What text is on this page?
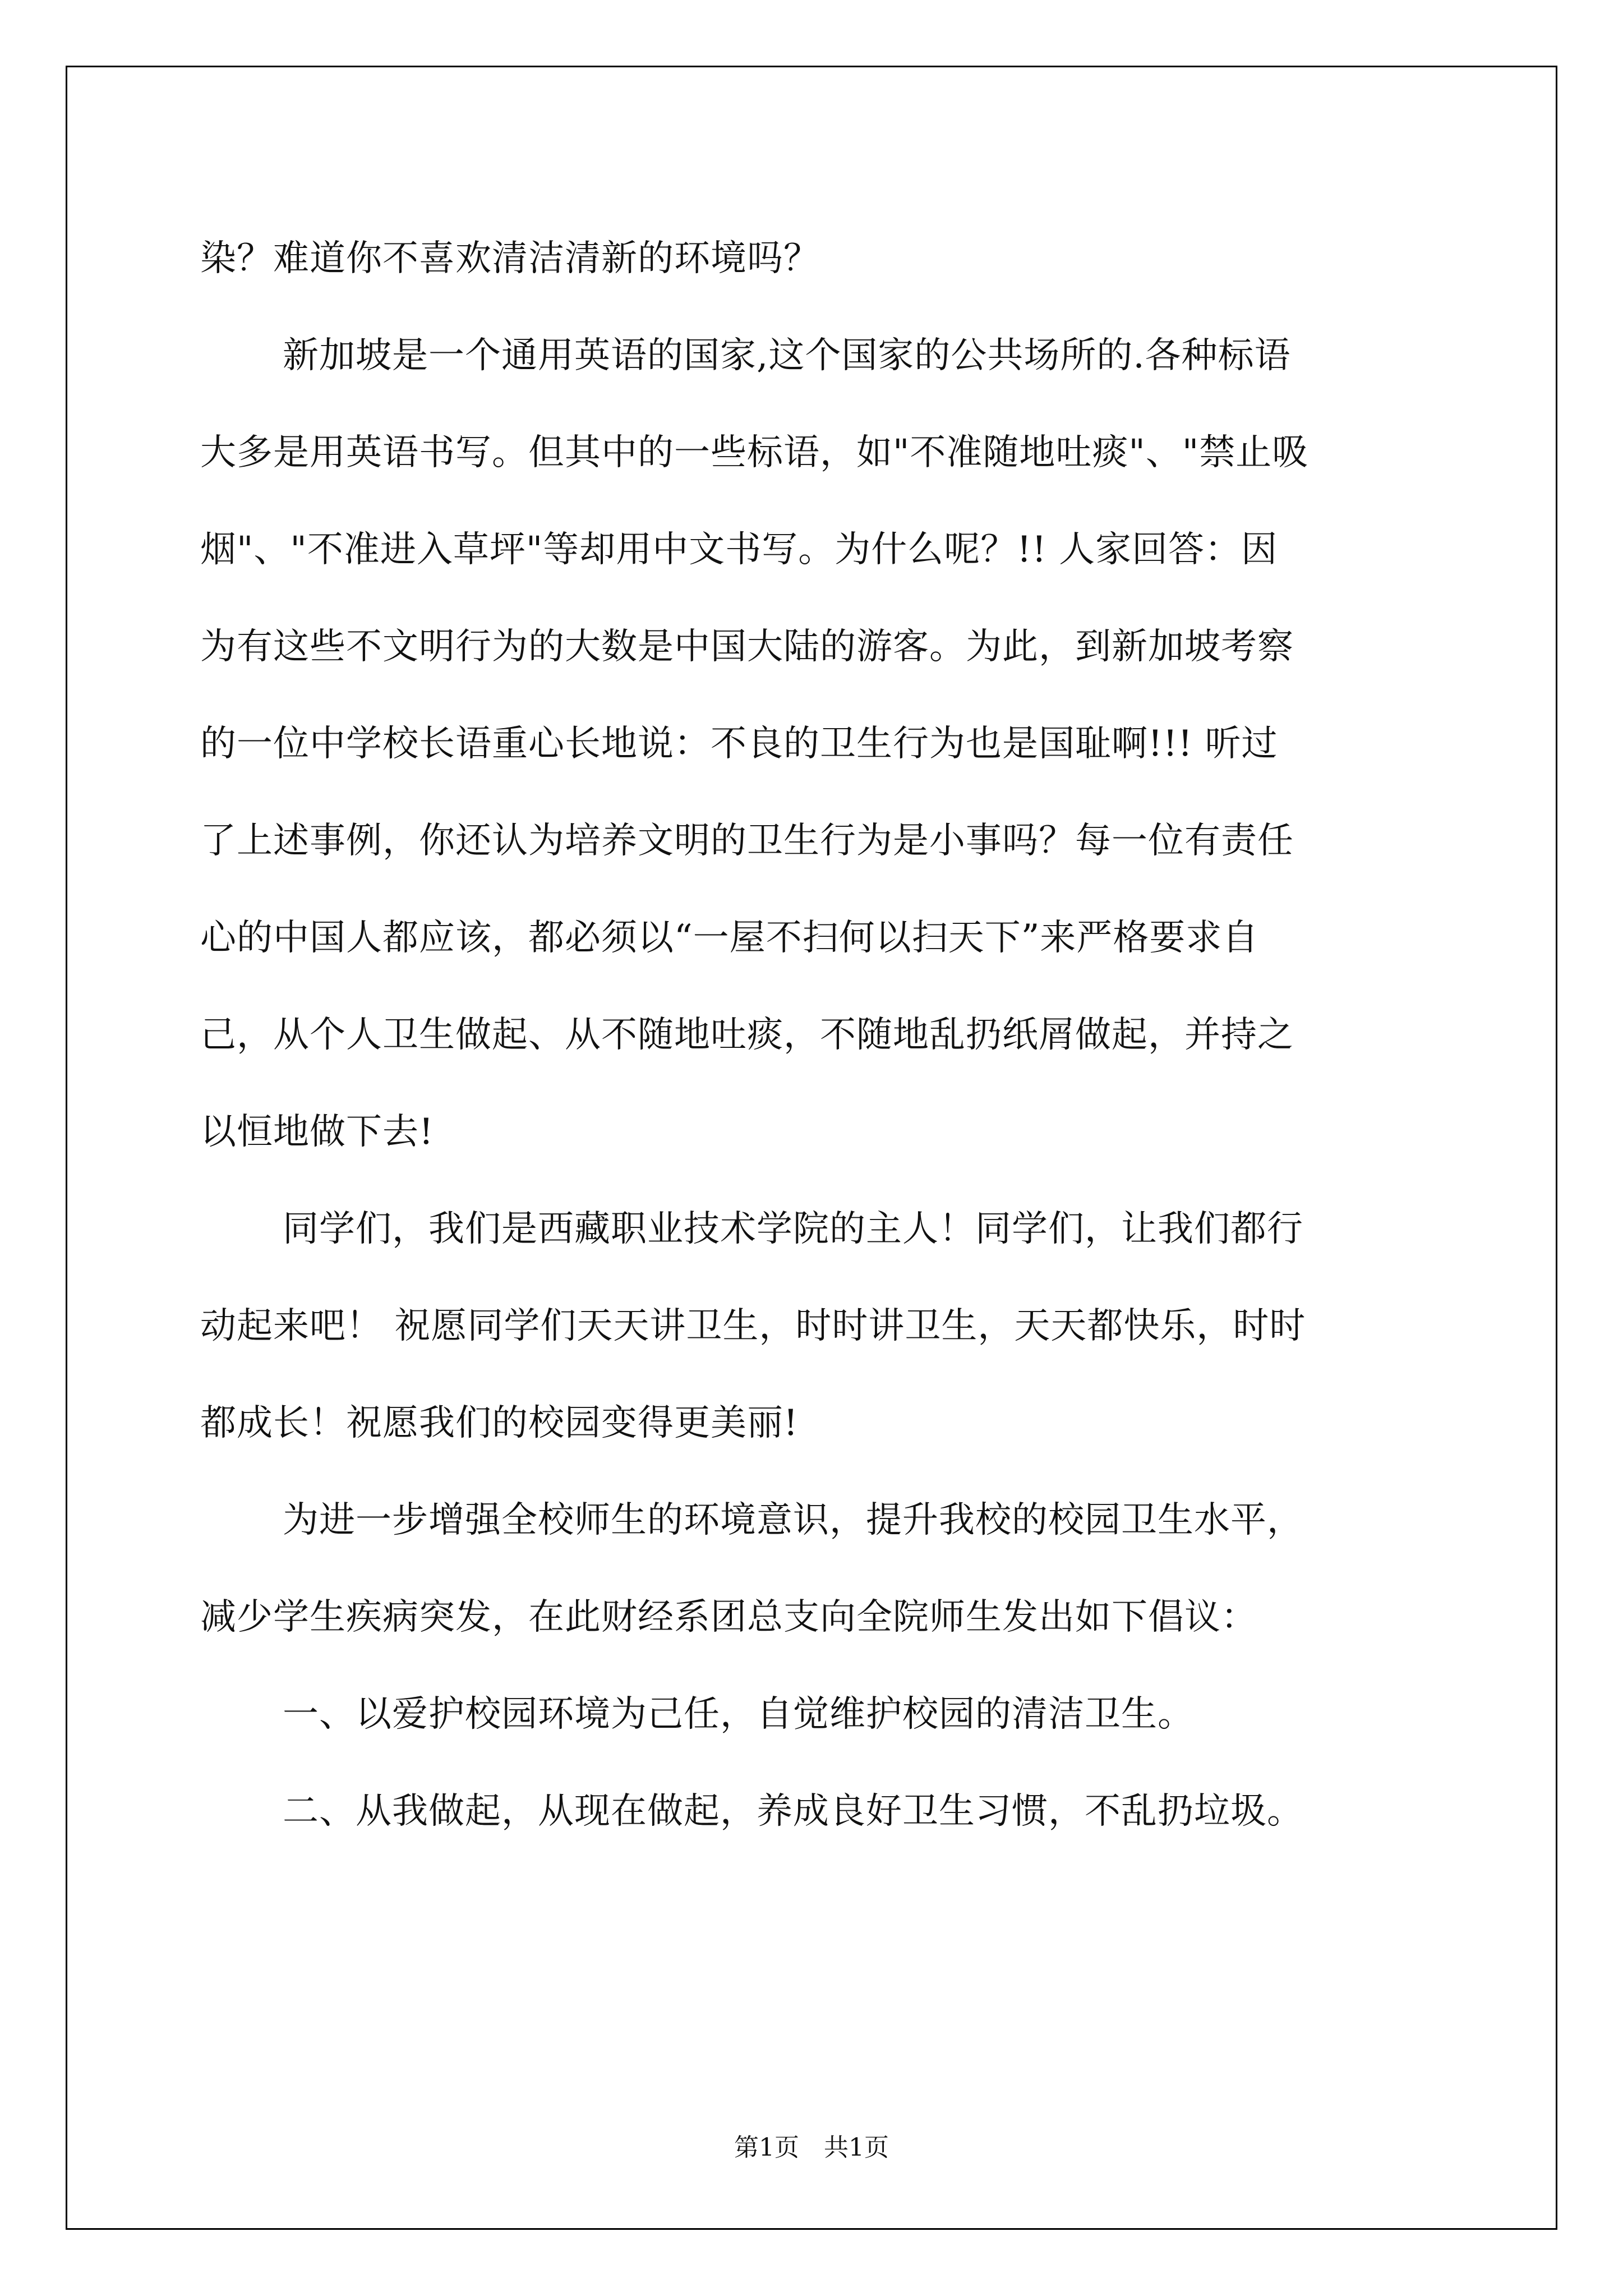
染？难道你不喜欢清洁清新的环境吗？
新加坡是一个通用英语的国家,这个国家的公共场所的.各种标语
大多是用英语书写。但其中的一些标语，如"不准随地吐痰"、"禁止吸
烟"、"不准进入草坪"等却用中文书写。为什么呢？!! 人家回答：因
为有这些不文明行为的大数是中国大陆的游客。为此，到新加坡考察
的一位中学校长语重心长地说：不良的卫生行为也是国耻啊!!! 听过
了上述事例，你还认为培养文明的卫生行为是小事吗？每一位有责任
心的中国人都应该，都必须以“一屋不扫何以扫天下”来严格要求自
己，从个人卫生做起、从不随地吐痰，不随地乱扔纸屑做起，并持之
以恒地做下去!
同学们，我们是西藏职业技术学院的主人！同学们，让我们都行
动起来吧！ 祝愿同学们天天讲卫生，时时讲卫生，天天都快乐，时时
都成长！祝愿我们的校园变得更美丽!
为进一步增强全校师生的环境意识，提升我校的校园卫生水平，
减少学生疾病突发，在此财经系团总支向全院师生发出如下倡议：
一、以爱护校园环境为己任，自觉维护校园的清洁卫生。
二、从我做起，从现在做起，养成良好卫生习惯，不乱扔垃圾。
第1页　共1页
